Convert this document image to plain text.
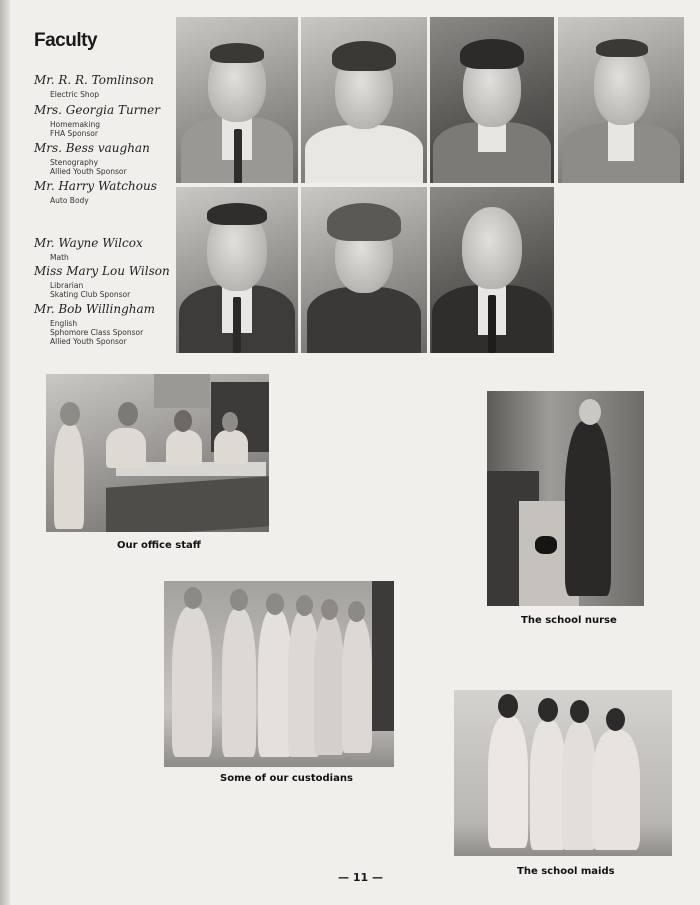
Faculty
Mr. R. R. Tomlinson
Electric Shop
Mrs. Georgia Turner
Homemaking
FHA Sponsor
Mrs. Bess vaughan
Stenography
Allied Youth Sponsor
Mr. Harry Watchous
Auto Body
Mr. Wayne Wilcox
Math
Miss Mary Lou Wilson
Librarian
Skating Club Sponsor
Mr. Bob Willingham
English
Sphomore Class Sponsor
Allied Youth Sponsor
Our office staff
The school nurse
Some of our custodians
The school maids
— 11 —
